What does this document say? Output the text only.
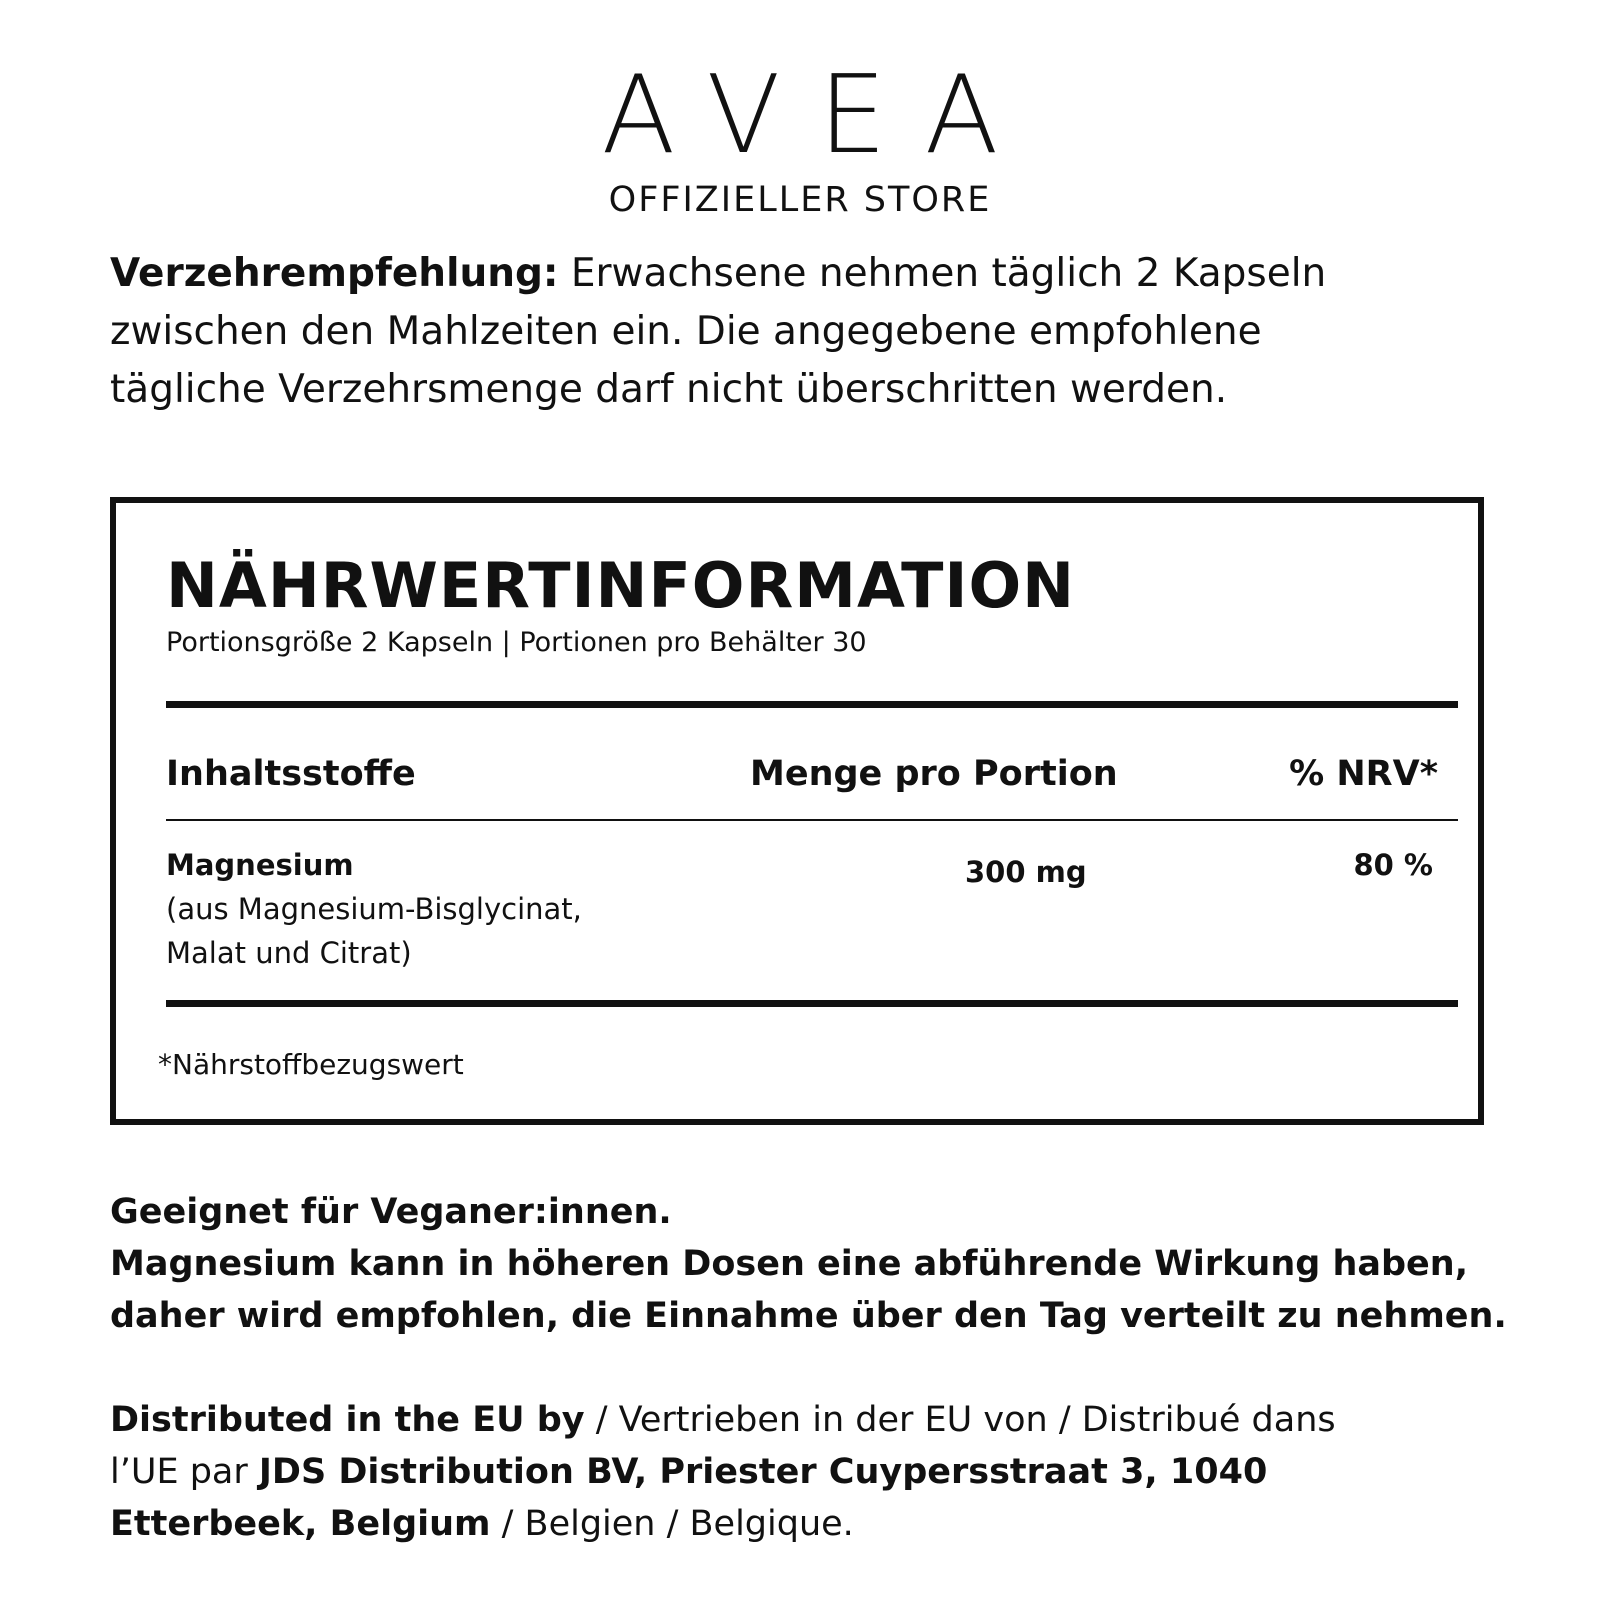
AVEA
OFFIZIELLER STORE
Verzehrempfehlung: Erwachsene nehmen täglich 2 Kapseln
zwischen den Mahlzeiten ein. Die angegebene empfohlene
tägliche Verzehrsmenge darf nicht überschritten werden.
NÄHRWERTINFORMATION
Portionsgröße 2 Kapseln | Portionen pro Behälter 30
Inhaltsstoffe	Menge pro Portion	% NRV*
Magnesium
(aus Magnesium-Bisglycinat,
Malat und Citrat)
300 mg	80 %
*Nährstoffbezugswert
Geeignet für Veganer:innen.
Magnesium kann in höheren Dosen eine abführende Wirkung haben,
daher wird empfohlen, die Einnahme über den Tag verteilt zu nehmen.
Distributed in the EU by / Vertrieben in der EU von / Distribué dans
l’UE par JDS Distribution BV, Priester Cuypersstraat 3, 1040
Etterbeek, Belgium / Belgien / Belgique.
